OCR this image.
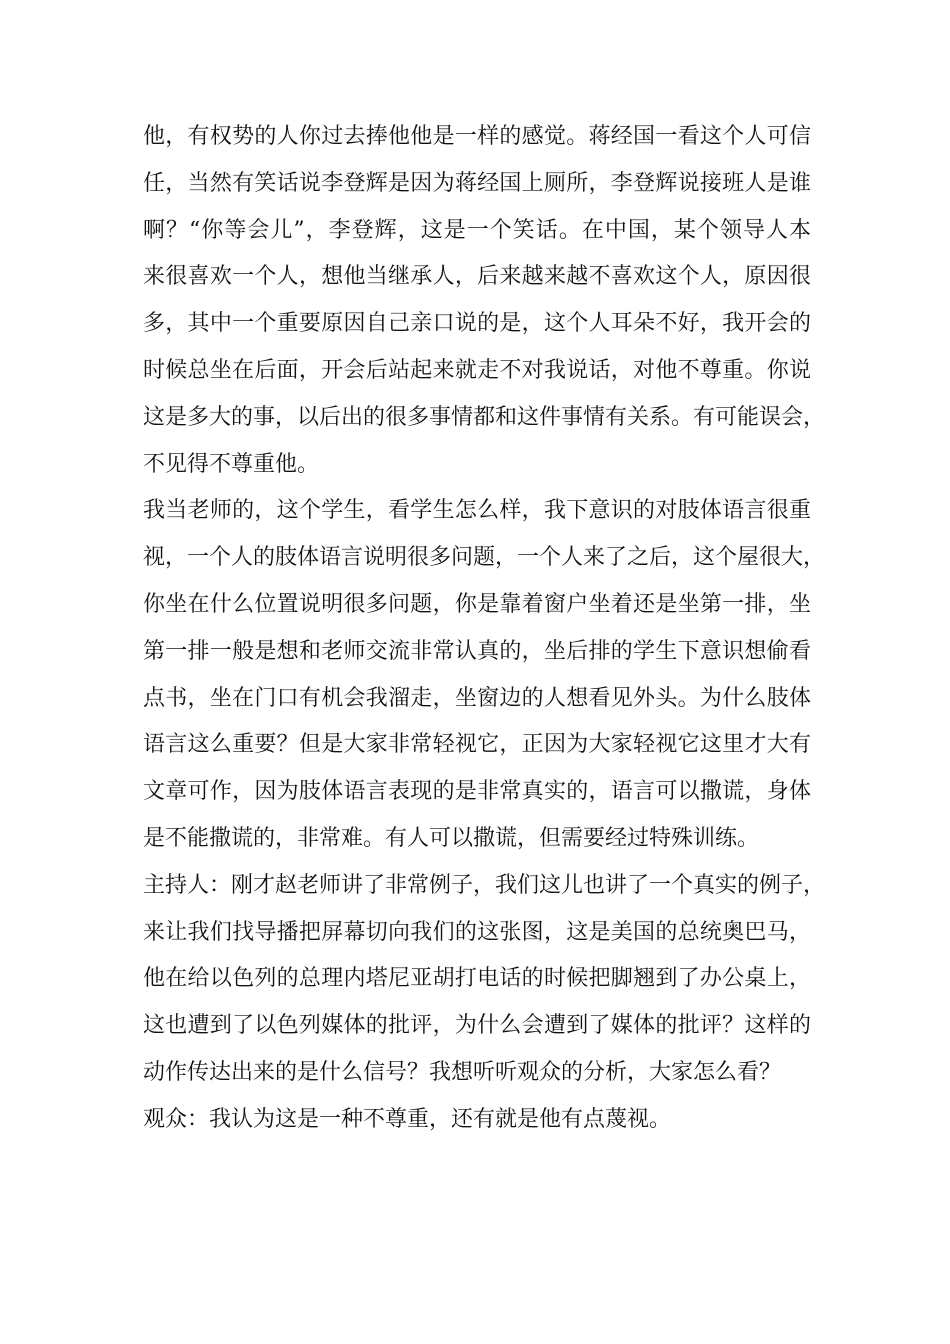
他，有权势的人你过去捧他他是一样的感觉。蒋经国一看这个人可信
任，当然有笑话说李登辉是因为蒋经国上厕所，李登辉说接班人是谁
啊？“你等会儿”，李登辉，这是一个笑话。在中国，某个领导人本
来很喜欢一个人，想他当继承人，后来越来越不喜欢这个人，原因很
多，其中一个重要原因自己亲口说的是，这个人耳朵不好，我开会的
时候总坐在后面，开会后站起来就走不对我说话，对他不尊重。你说
这是多大的事，以后出的很多事情都和这件事情有关系。有可能误会，
不见得不尊重他。
我当老师的，这个学生，看学生怎么样，我下意识的对肢体语言很重
视，一个人的肢体语言说明很多问题，一个人来了之后，这个屋很大，
你坐在什么位置说明很多问题，你是靠着窗户坐着还是坐第一排，坐
第一排一般是想和老师交流非常认真的，坐后排的学生下意识想偷看
点书，坐在门口有机会我溜走，坐窗边的人想看见外头。为什么肢体
语言这么重要？但是大家非常轻视它，正因为大家轻视它这里才大有
文章可作，因为肢体语言表现的是非常真实的，语言可以撒谎，身体
是不能撒谎的，非常难。有人可以撒谎，但需要经过特殊训练。
主持人：刚才赵老师讲了非常例子，我们这儿也讲了一个真实的例子，
来让我们找导播把屏幕切向我们的这张图，这是美国的总统奥巴马，
他在给以色列的总理内塔尼亚胡打电话的时候把脚翘到了办公桌上，
这也遭到了以色列媒体的批评，为什么会遭到了媒体的批评？这样的
动作传达出来的是什么信号？我想听听观众的分析，大家怎么看？
观众：我认为这是一种不尊重，还有就是他有点蔑视。
